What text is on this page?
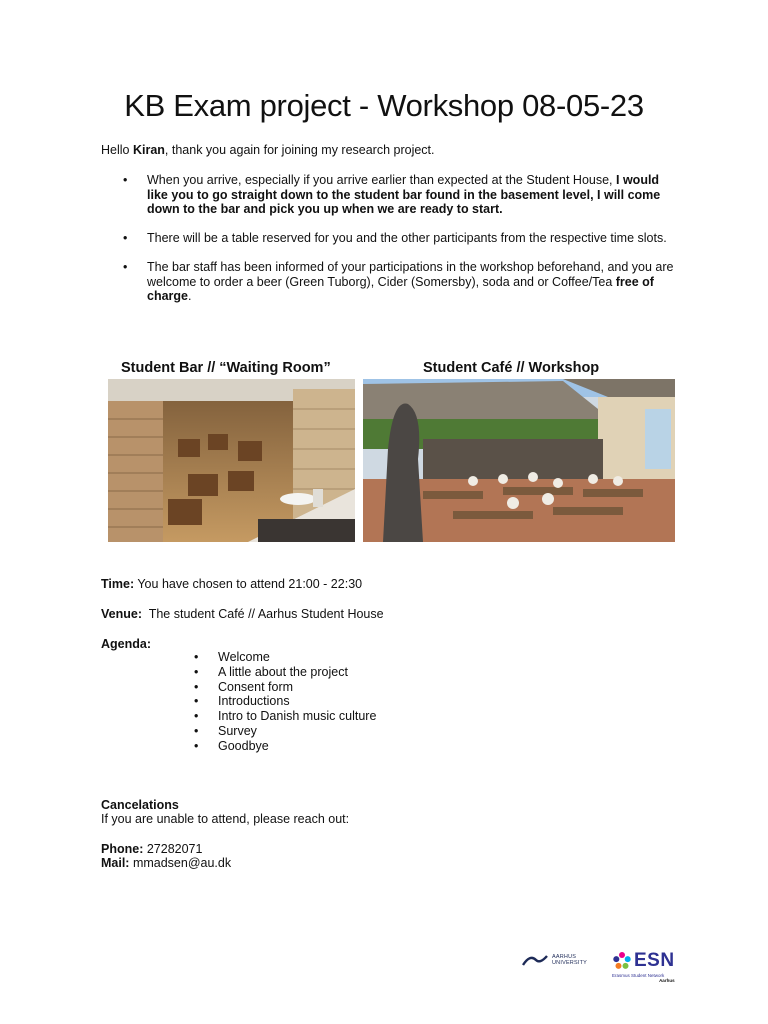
KB Exam project - Workshop 08-05-23
Hello Kiran, thank you again for joining my research project.
• When you arrive, especially if you arrive earlier than expected at the Student House, I would like you to go straight down to the student bar found in the basement level, I will come down to the bar and pick you up when we are ready to start.
• There will be a table reserved for you and the other participants from the respective time slots.
• The bar staff has been informed of your participations in the workshop beforehand, and you are welcome to order a beer (Green Tuborg), Cider (Somersby), soda and or Coffee/Tea free of charge.
Student Bar // “Waiting Room”	Student Café // Workshop
Time: You have chosen to attend 21:00 - 22:30
Venue:  The student Café // Aarhus Student House
Agenda:
• Welcome
• A little about the project
• Consent form
• Introductions
• Intro to Danish music culture
• Survey
• Goodbye
Cancelations
If you are unable to attend, please reach out:
Phone: 27282071
Mail: mmadsen@au.dk
AARHUS
UNIVERSITY ESN
Erasmus Student Network
Aarhus
